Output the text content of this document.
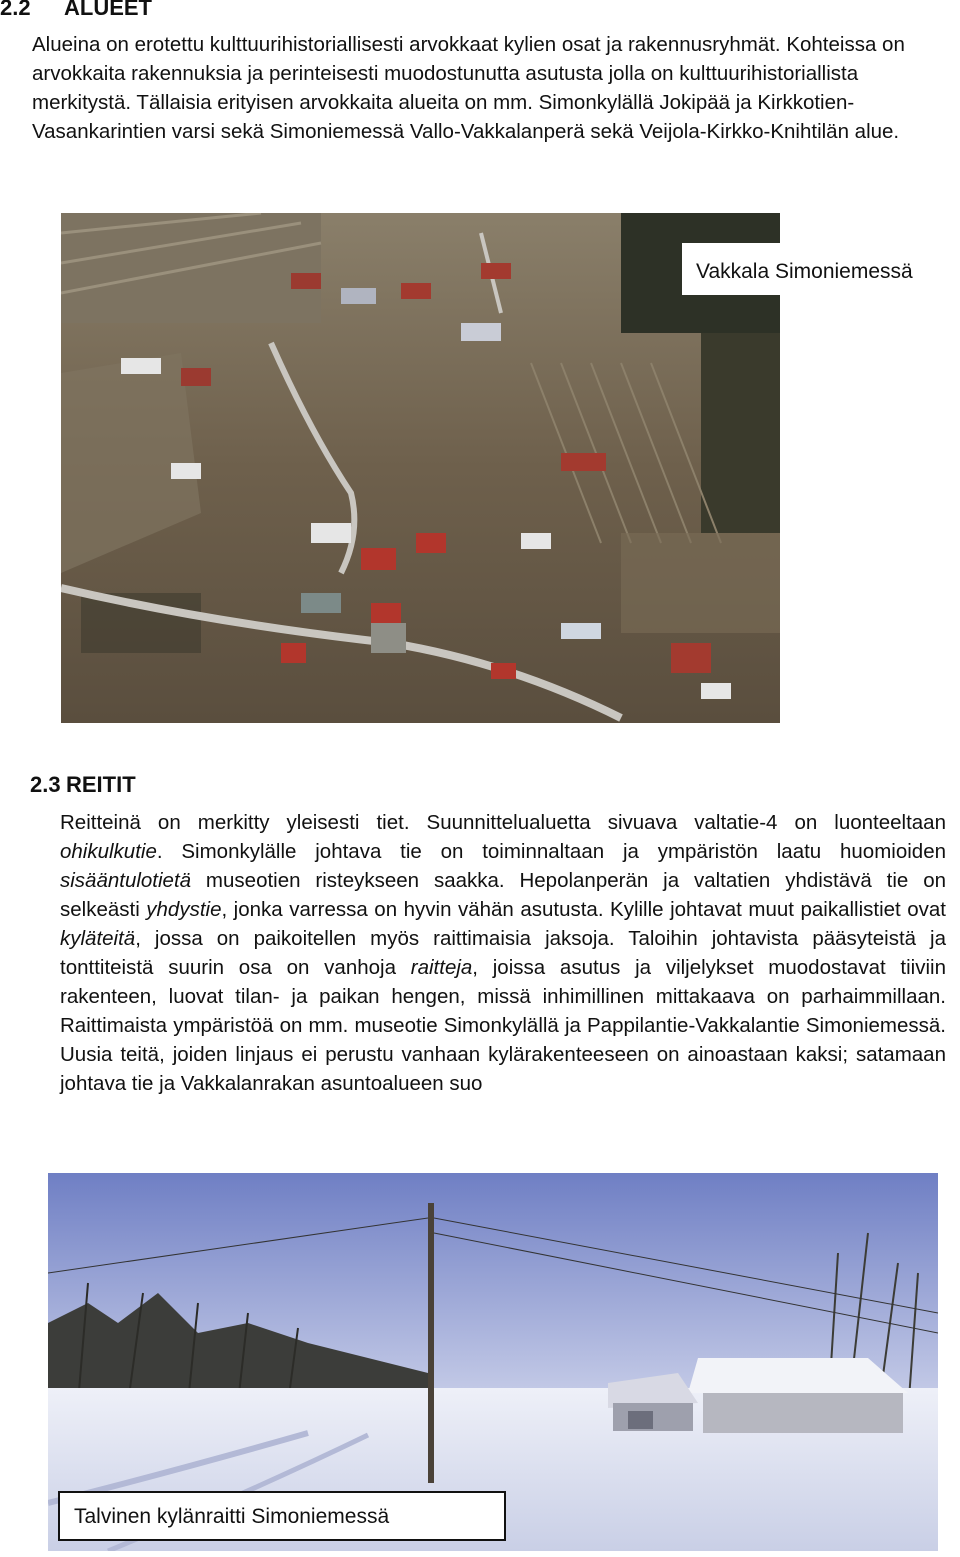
2.2 ALUEET

Alueina on erotettu kulttuurihistoriallisesti arvokkaat kylien osat ja rakennusryhmät. Kohteissa on arvokkaita rakennuksia ja perinteisesti muodostunutta asutusta jolla on kulttuurihistoriallista merkitystä. Tällaisia erityisen arvokkaita alueita on mm. Simonkylällä Jokipää ja Kirkkotien-Vasankarintien varsi sekä Simoniemessä Vallo-Vakkalanperä sekä Veijola-Kirkko-Knihtilän alue.

Vakkala Simoniemessä
2.3 REITIT

Reitteinä on merkitty yleisesti tiet. Suunnittelualuetta sivuava valtatie-4 on luonteeltaan ohikulkutie. Simonkylälle johtava tie on toiminnaltaan ja ympäristön laatu huomioiden sisääntulotietä museotien risteykseen saakka. Hepolanperän ja valtatien yhdistävä tie on selkeästi yhdystie, jonka varressa on hyvin vähän asutusta. Kylille johtavat muut paikallistiet ovat kyläteitä, jossa on paikoitellen myös raittimaisia jaksoja. Taloihin johtavista pääsyteistä ja tonttiteistä suurin osa on vanhoja raitteja, joissa asutus ja viljelykset muodostavat tiiviin rakenteen, luovat tilan- ja paikan hengen, missä inhimillinen mittakaava on parhaimmillaan. Raittimaista ympäristöä on mm. museotie Simonkylällä ja Pappilantie-Vakkalantie Simoniemessä. Uusia teitä, joiden linjaus ei perustu vanhaan kylärakenteeseen on ainoastaan kaksi; satamaan johtava tie ja Vakkalanrakan asuntoalueen suo

Talvinen kylänraitti Simoniemessä
